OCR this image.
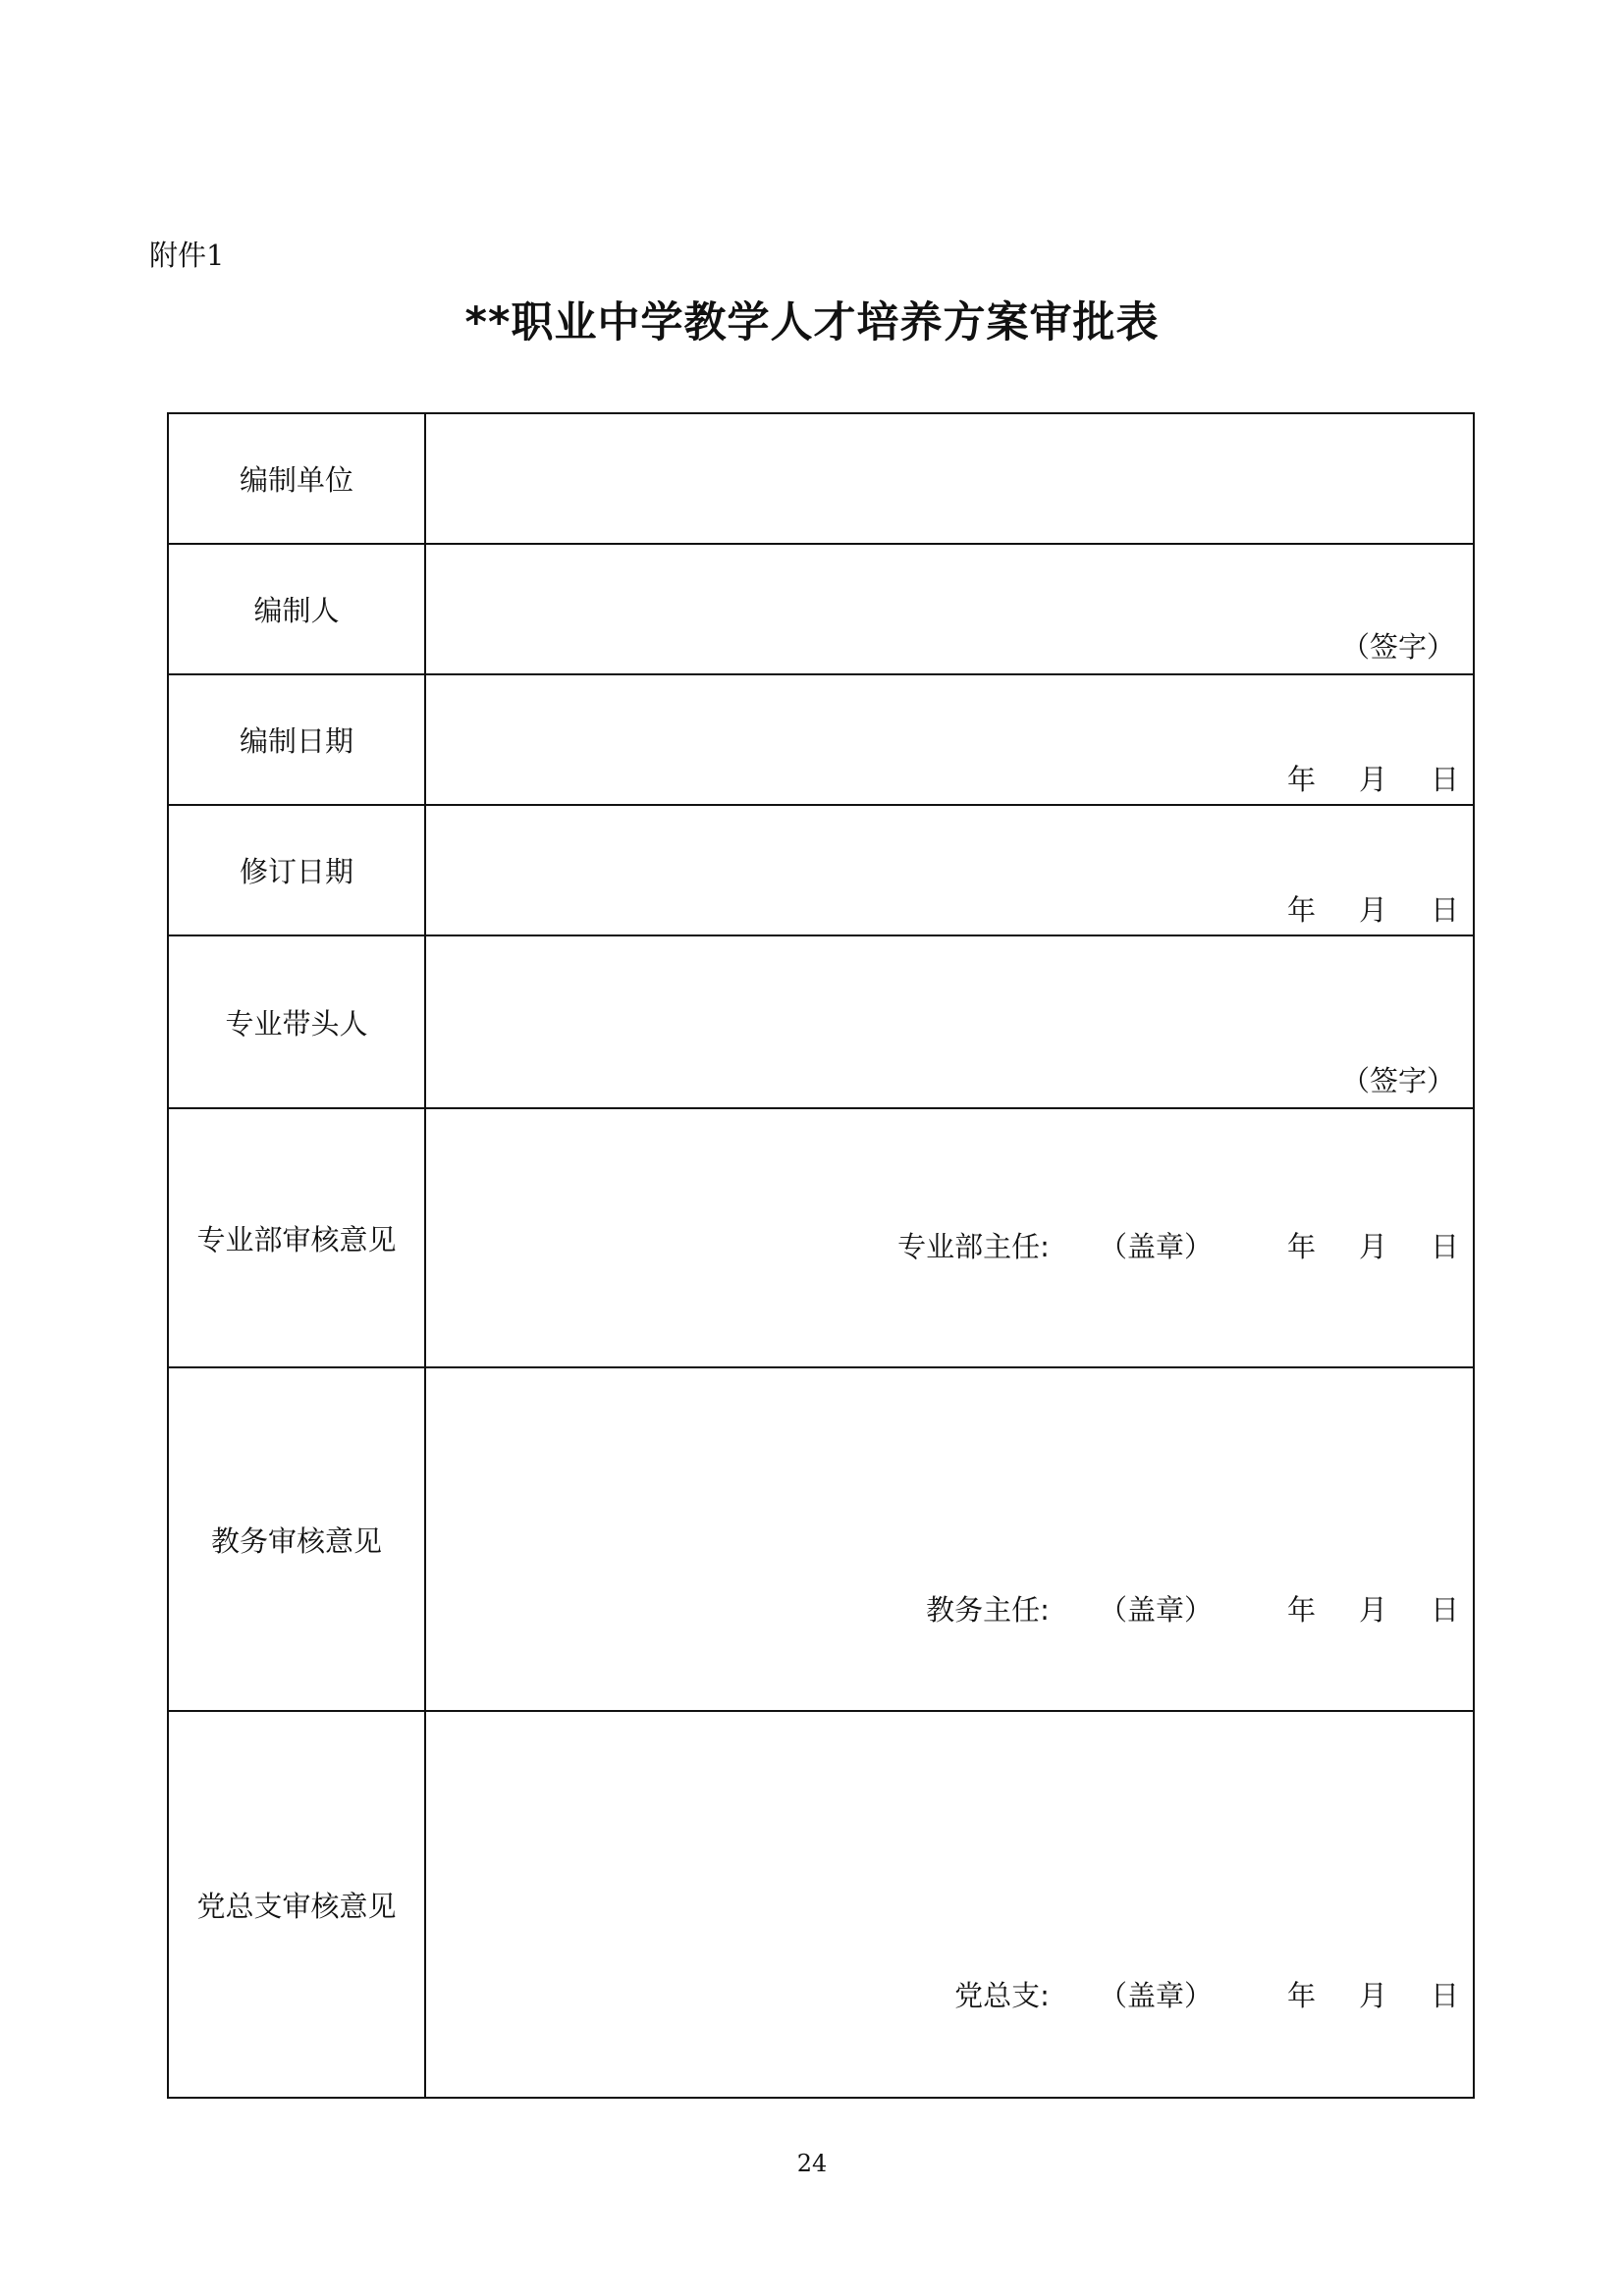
附件1
**职业中学教学人才培养方案审批表
编制单位	
编制人	（签字）

编制日期	年 月 日

修订日期	年 月 日

专业带头人	（签字）

专业部审核意见	专业部主任: （盖章） 年 月 日

教务审核意见	教务主任: （盖章） 年 月 日

党总支审核意见	党总支: （盖章） 年 月 日
24
